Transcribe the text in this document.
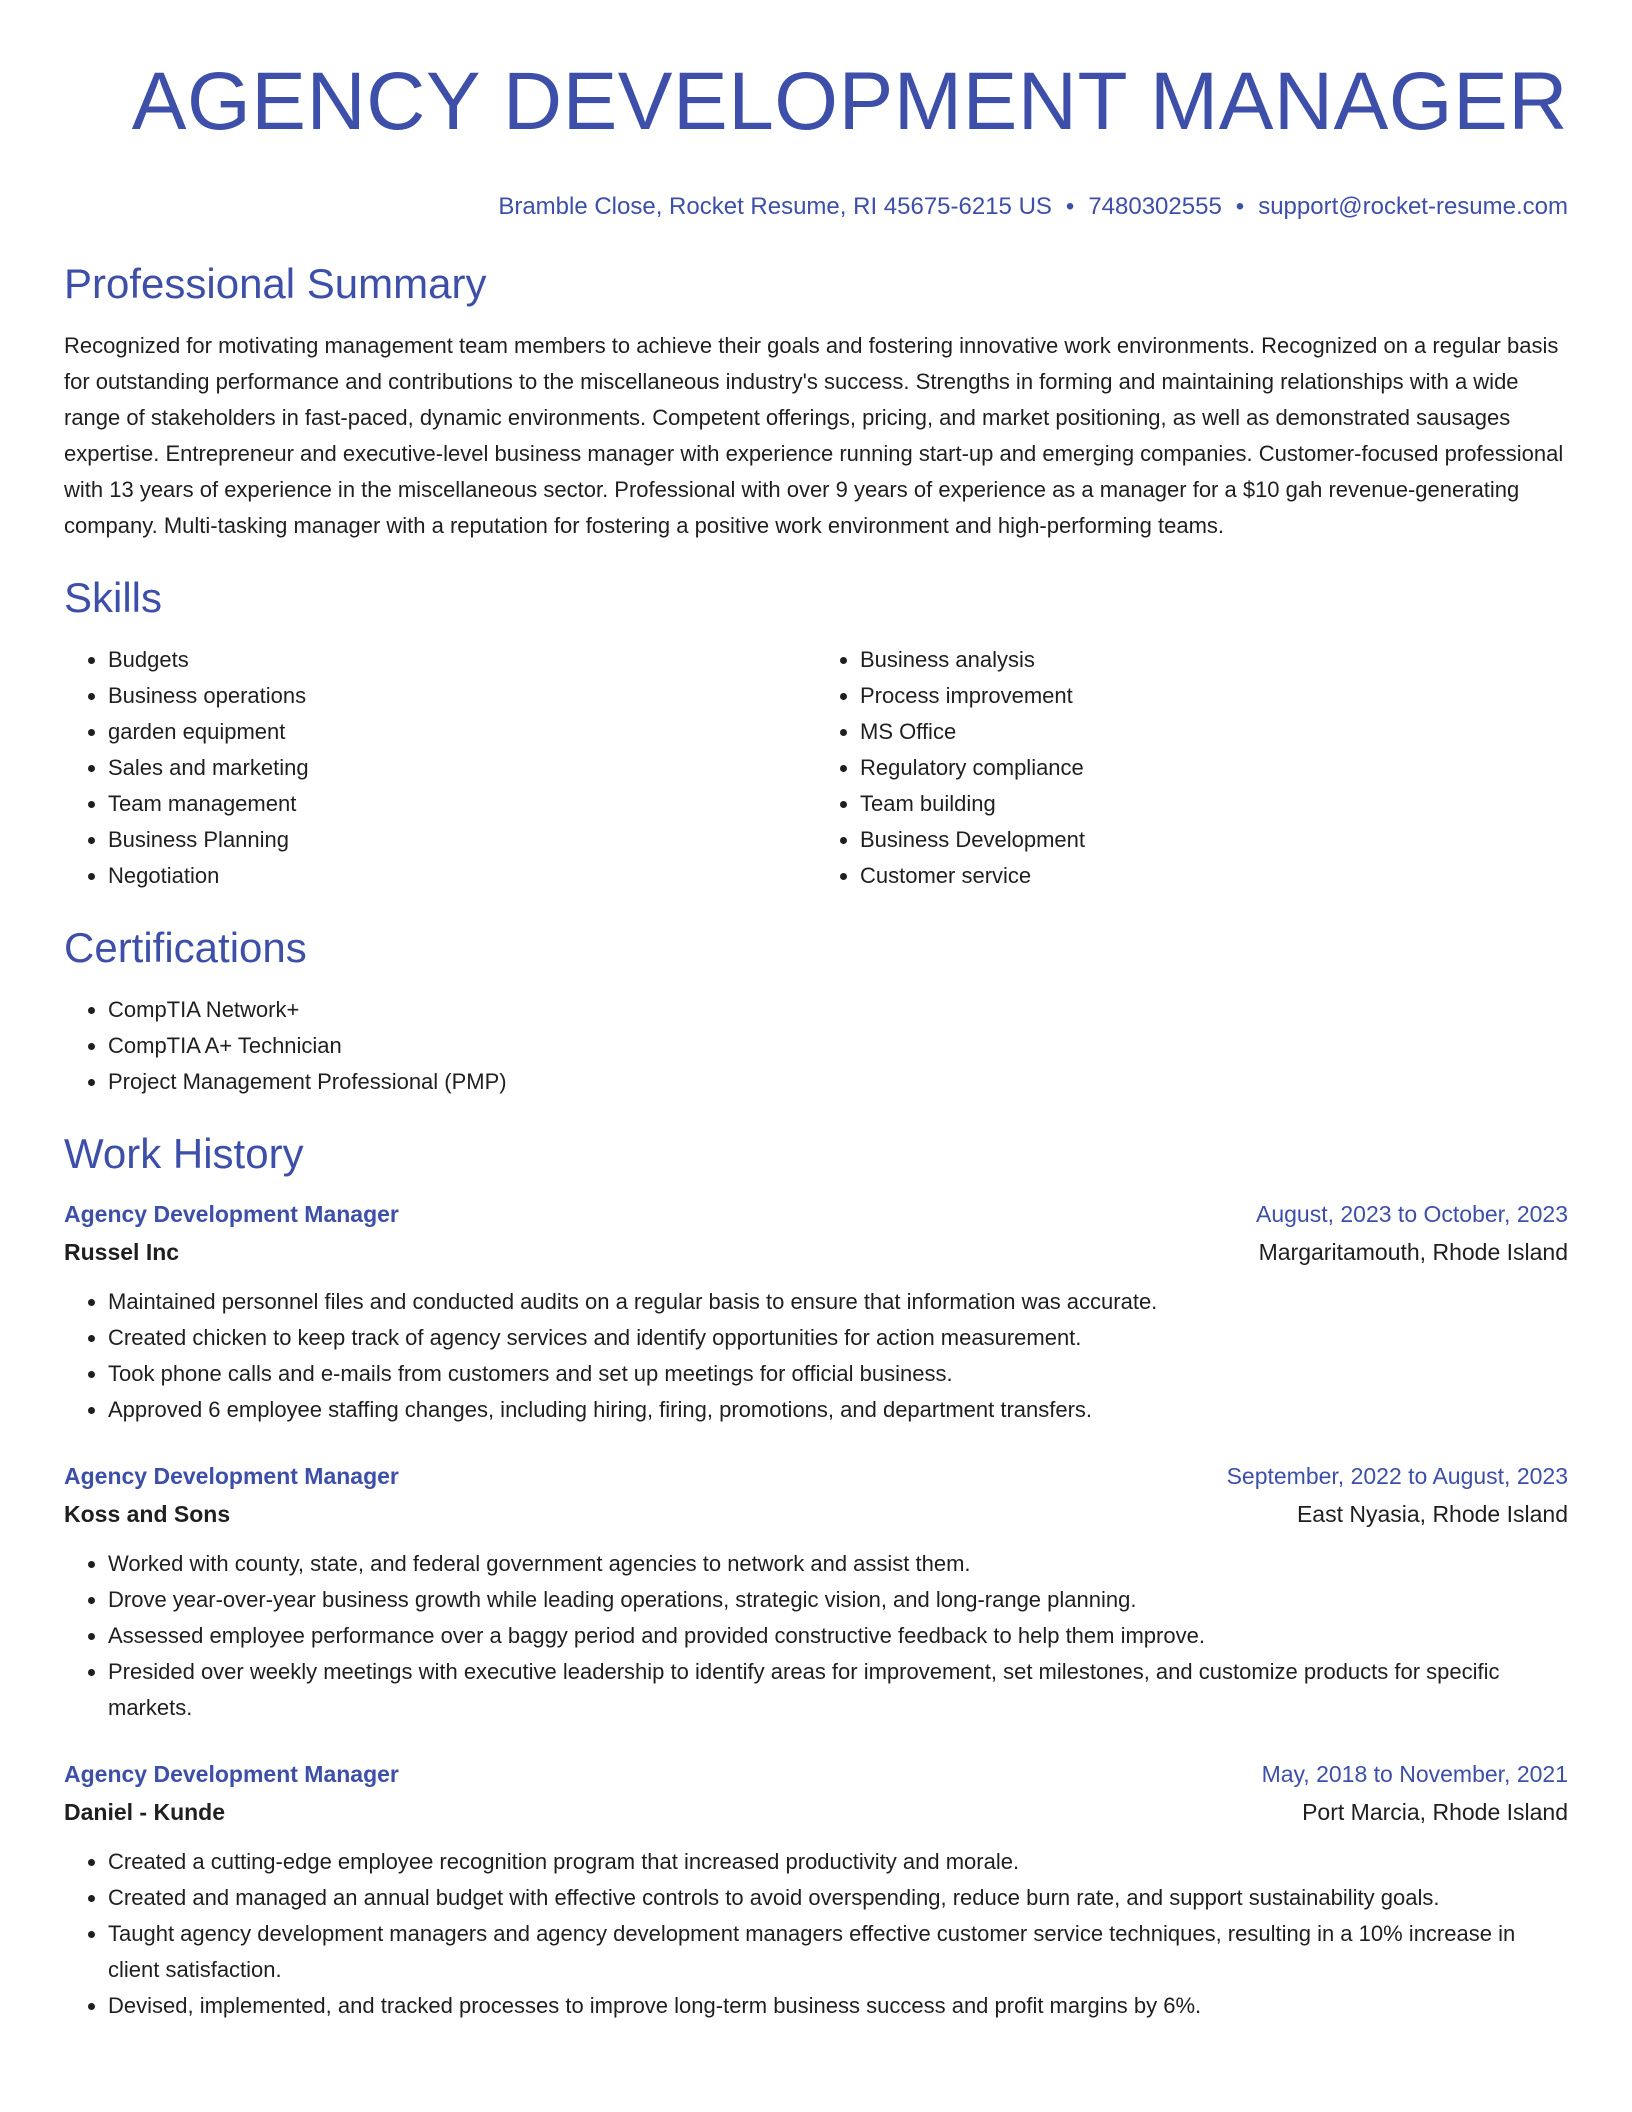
AGENCY DEVELOPMENT MANAGER
Bramble Close, Rocket Resume, RI 45675-6215 US • 7480302555 • support@rocket-resume.com
Professional Summary
Recognized for motivating management team members to achieve their goals and fostering innovative work environments. Recognized on a regular basis for outstanding performance and contributions to the miscellaneous industry's success. Strengths in forming and maintaining relationships with a wide range of stakeholders in fast-paced, dynamic environments. Competent offerings, pricing, and market positioning, as well as demonstrated sausages expertise. Entrepreneur and executive-level business manager with experience running start-up and emerging companies. Customer-focused professional with 13 years of experience in the miscellaneous sector. Professional with over 9 years of experience as a manager for a $10 gah revenue-generating company. Multi-tasking manager with a reputation for fostering a positive work environment and high-performing teams.
Skills
• Budgets
• Business operations
• garden equipment
• Sales and marketing
• Team management
• Business Planning
• Negotiation
• Business analysis
• Process improvement
• MS Office
• Regulatory compliance
• Team building
• Business Development
• Customer service
Certifications
• CompTIA Network+
• CompTIA A+ Technician
• Project Management Professional (PMP)
Work History
Agency Development Manager	August, 2023 to October, 2023
Russel Inc	Margaritamouth, Rhode Island
• Maintained personnel files and conducted audits on a regular basis to ensure that information was accurate.
• Created chicken to keep track of agency services and identify opportunities for action measurement.
• Took phone calls and e-mails from customers and set up meetings for official business.
• Approved 6 employee staffing changes, including hiring, firing, promotions, and department transfers.
Agency Development Manager	September, 2022 to August, 2023
Koss and Sons	East Nyasia, Rhode Island
• Worked with county, state, and federal government agencies to network and assist them.
• Drove year-over-year business growth while leading operations, strategic vision, and long-range planning.
• Assessed employee performance over a baggy period and provided constructive feedback to help them improve.
• Presided over weekly meetings with executive leadership to identify areas for improvement, set milestones, and customize products for specific markets.
Agency Development Manager	May, 2018 to November, 2021
Daniel - Kunde	Port Marcia, Rhode Island
• Created a cutting-edge employee recognition program that increased productivity and morale.
• Created and managed an annual budget with effective controls to avoid overspending, reduce burn rate, and support sustainability goals.
• Taught agency development managers and agency development managers effective customer service techniques, resulting in a 10% increase in client satisfaction.
• Devised, implemented, and tracked processes to improve long-term business success and profit margins by 6%.
